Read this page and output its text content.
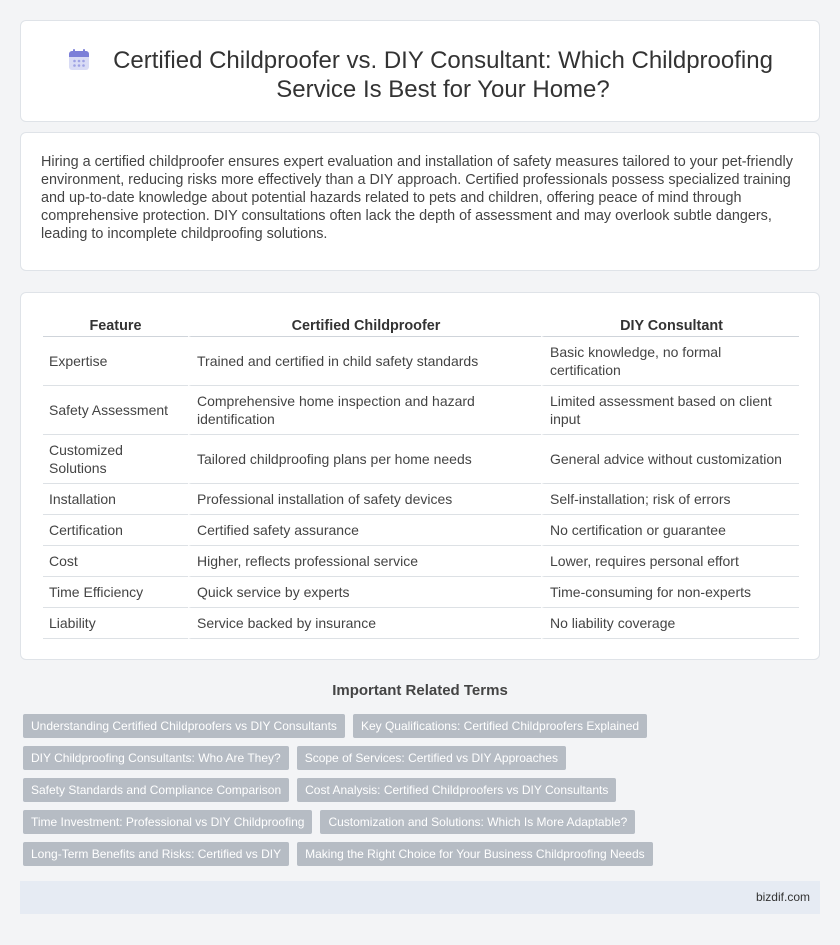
Certified Childproofer vs. DIY Consultant: Which Childproofing Service Is Best for Your Home?

Hiring a certified childproofer ensures expert evaluation and installation of safety measures tailored to your pet-friendly environment, reducing risks more effectively than a DIY approach. Certified professionals possess specialized training and up-to-date knowledge about potential hazards related to pets and children, offering peace of mind through comprehensive protection. DIY consultations often lack the depth of assessment and may overlook subtle dangers, leading to incomplete childproofing solutions.

Feature	Certified Childproofer	DIY Consultant
Expertise	Trained and certified in child safety standards	Basic knowledge, no formal certification
Safety Assessment	Comprehensive home inspection and hazard identification	Limited assessment based on client input
Customized Solutions	Tailored childproofing plans per home needs	General advice without customization
Installation	Professional installation of safety devices	Self-installation; risk of errors
Certification	Certified safety assurance	No certification or guarantee
Cost	Higher, reflects professional service	Lower, requires personal effort
Time Efficiency	Quick service by experts	Time-consuming for non-experts
Liability	Service backed by insurance	No liability coverage
Important Related Terms
Understanding Certified Childproofers vs DIY Consultants	Key Qualifications: Certified Childproofers Explained
DIY Childproofing Consultants: Who Are They?	Scope of Services: Certified vs DIY Approaches
Safety Standards and Compliance Comparison	Cost Analysis: Certified Childproofers vs DIY Consultants
Time Investment: Professional vs DIY Childproofing	Customization and Solutions: Which Is More Adaptable?
Long-Term Benefits and Risks: Certified vs DIY	Making the Right Choice for Your Business Childproofing Needs
bizdif.com
